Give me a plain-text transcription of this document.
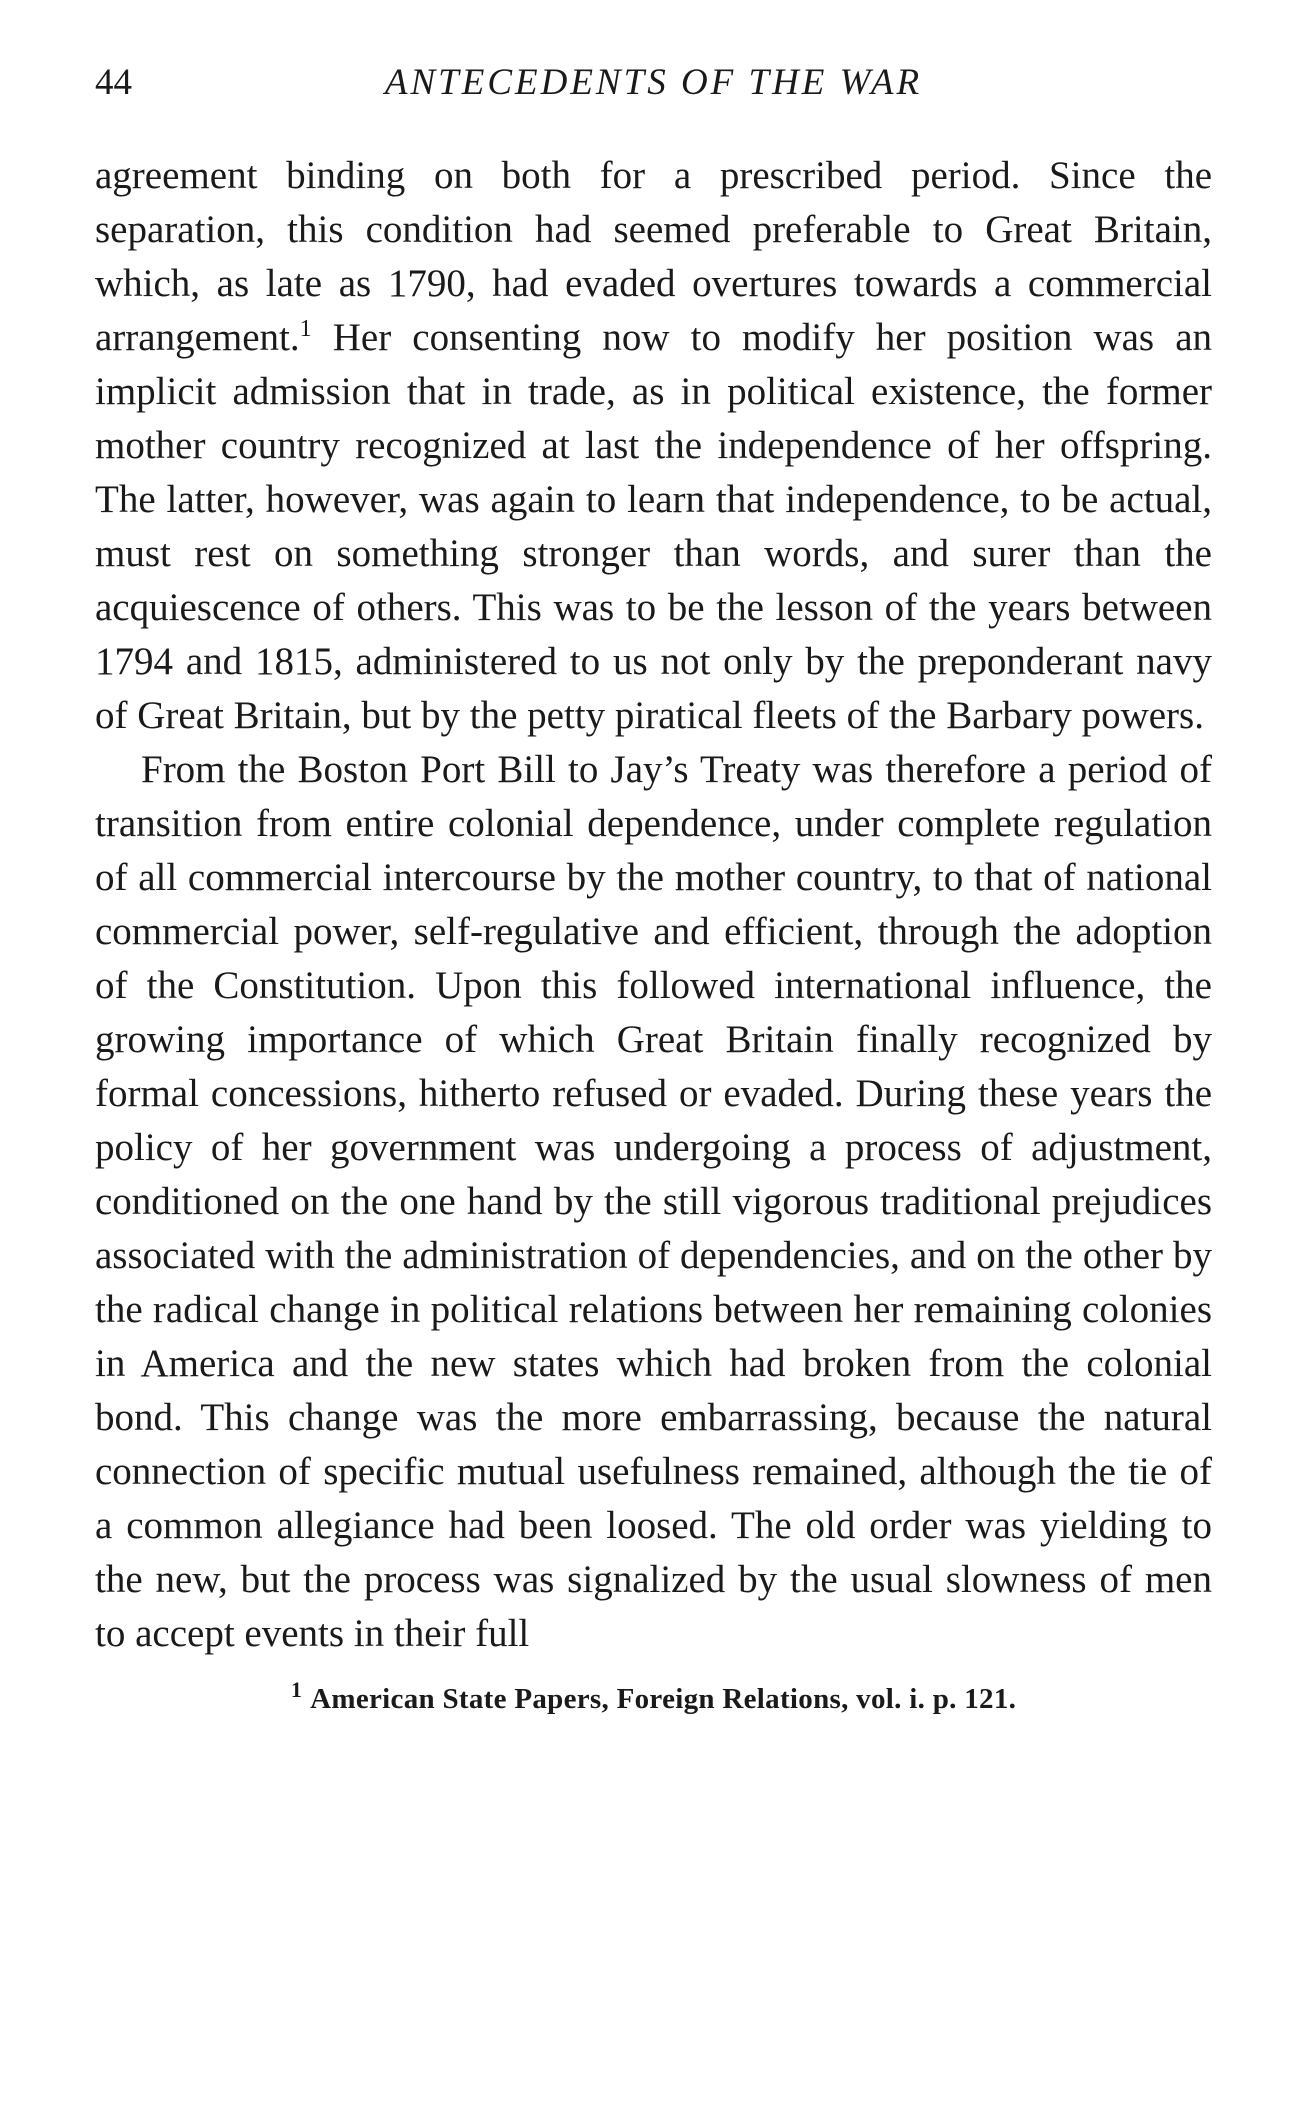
44	ANTECEDENTS OF THE WAR

agreement binding on both for a prescribed period. Since the separation, this condition had seemed preferable to Great Britain, which, as late as 1790, had evaded overtures towards a commercial arrangement.$^1$ Her consenting now to modify her position was an implicit admission that in trade, as in political existence, the former mother country recognized at last the independence of her offspring. The latter, however, was again to learn that independence, to be actual, must rest on something stronger than words, and surer than the acquiescence of others. This was to be the lesson of the years between 1794 and 1815, administered to us not only by the preponderant navy of Great Britain, but by the petty piratical fleets of the Barbary powers.

From the Boston Port Bill to Jay’s Treaty was therefore a period of transition from entire colonial dependence, under complete regulation of all commercial intercourse by the mother country, to that of national commercial power, self-regulative and efficient, through the adoption of the Constitution. Upon this followed international influence, the growing importance of which Great Britain finally recognized by formal concessions, hitherto refused or evaded. During these years the policy of her government was undergoing a process of adjustment, conditioned on the one hand by the still vigorous traditional prejudices associated with the administration of dependencies, and on the other by the radical change in political relations between her remaining colonies in America and the new states which had broken from the colonial bond. This change was the more embarrassing, because the natural connection of specific mutual usefulness remained, although the tie of a common allegiance had been loosed. The old order was yielding to the new, but the process was signalized by the usual slowness of men to accept events in their full

$^1$ American State Papers, Foreign Relations, vol. i. p. 121.
